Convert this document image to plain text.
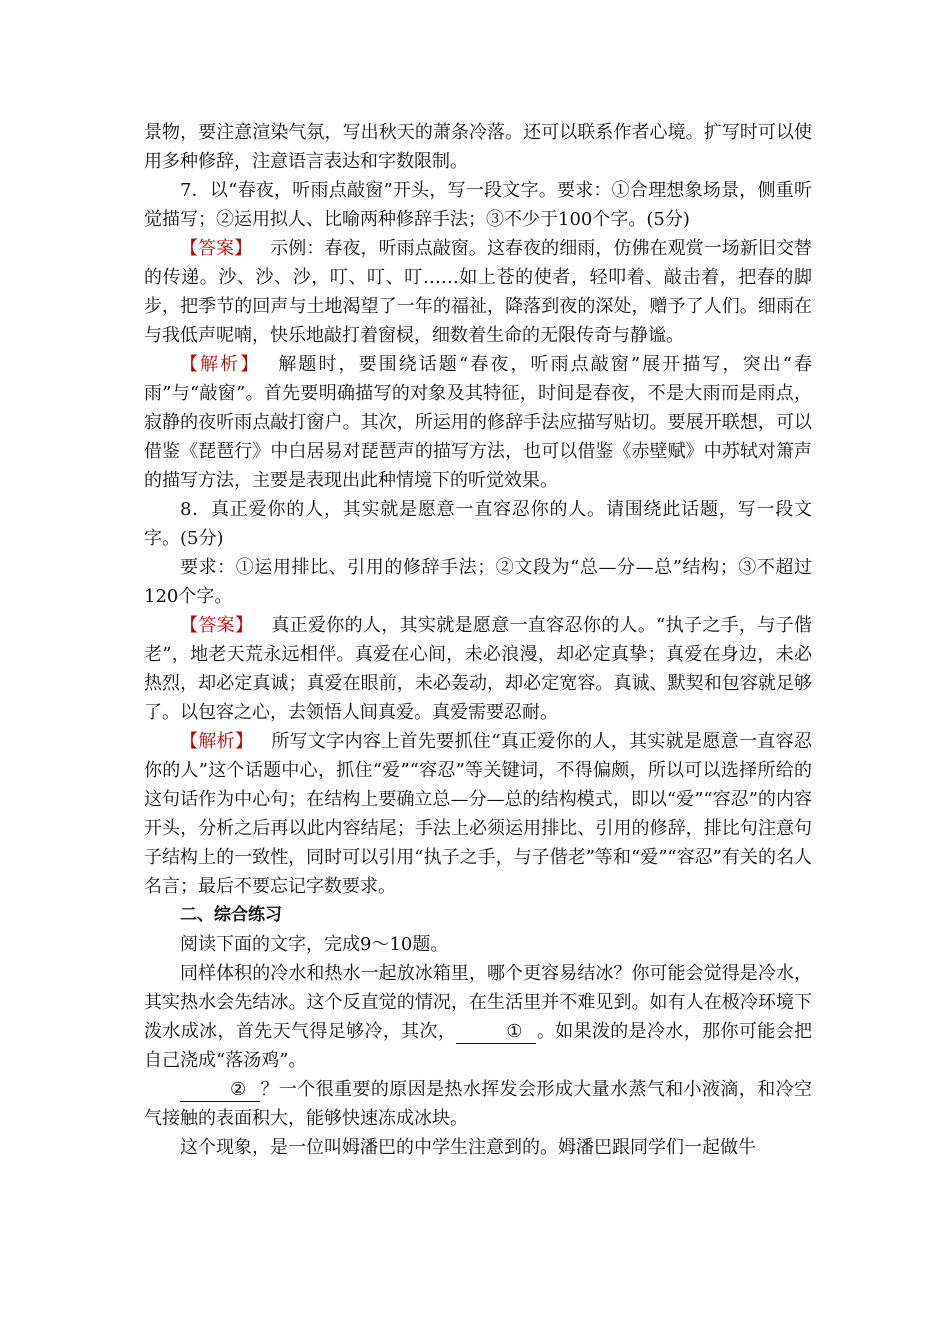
景物，要注意渲染气氛，写出秋天的萧条冷落。还可以联系作者心境。扩写时可以使用多种修辞，注意语言表达和字数限制。

7．以“春夜，听雨点敲窗”开头，写一段文字。要求：①合理想象场景，侧重听觉描写；②运用拟人、比喻两种修辞手法；③不少于100个字。(5分)

【答案】 示例：春夜，听雨点敲窗。这春夜的细雨，仿佛在观赏一场新旧交替的传递。沙、沙、沙，叮、叮、叮……如上苍的使者，轻叩着、敲击着，把春的脚步，把季节的回声与土地渴望了一年的福祉，降落到夜的深处，赠予了人们。细雨在与我低声呢喃，快乐地敲打着窗棂，细数着生命的无限传奇与静谧。

【解析】 解题时，要围绕话题“春夜，听雨点敲窗”展开描写，突出“春雨”与“敲窗”。首先要明确描写的对象及其特征，时间是春夜，不是大雨而是雨点，寂静的夜听雨点敲打窗户。其次，所运用的修辞手法应描写贴切。要展开联想，可以借鉴《琵琶行》中白居易对琵琶声的描写方法，也可以借鉴《赤壁赋》中苏轼对箫声的描写方法，主要是表现出此种情境下的听觉效果。

8．真正爱你的人，其实就是愿意一直容忍你的人。请围绕此话题，写一段文字。(5分)

要求：①运用排比、引用的修辞手法；②文段为“总—分—总”结构；③不超过120个字。

【答案】 真正爱你的人，其实就是愿意一直容忍你的人。“执子之手，与子偕老”，地老天荒永远相伴。真爱在心间，未必浪漫，却必定真挚；真爱在身边，未必热烈，却必定真诚；真爱在眼前，未必轰动，却必定宽容。真诚、默契和包容就足够了。以包容之心，去领悟人间真爱。真爱需要忍耐。

【解析】 所写文字内容上首先要抓住“真正爱你的人，其实就是愿意一直容忍你的人”这个话题中心，抓住“爱”“容忍”等关键词，不得偏颇，所以可以选择所给的这句话作为中心句；在结构上要确立总—分—总的结构模式，即以“爱”“容忍”的内容开头，分析之后再以此内容结尾；手法上必须运用排比、引用的修辞，排比句注意句子结构上的一致性，同时可以引用“执子之手，与子偕老”等和“爱”“容忍”有关的名人名言；最后不要忘记字数要求。

二、综合练习

阅读下面的文字，完成9～10题。

同样体积的冷水和热水一起放冰箱里，哪个更容易结冰？你可能会觉得是冷水，其实热水会先结冰。这个反直觉的情况，在生活里并不难见到。如有人在极冷环境下泼水成冰，首先天气得足够冷，其次，	① 。如果泼的是冷水，那你可能会把自己浇成“落汤鸡”。

② ？一个很重要的原因是热水挥发会形成大量水蒸气和小液滴，和冷空气接触的表面积大，能够快速冻成冰块。

这个现象，是一位叫姆潘巴的中学生注意到的。姆潘巴跟同学们一起做牛
